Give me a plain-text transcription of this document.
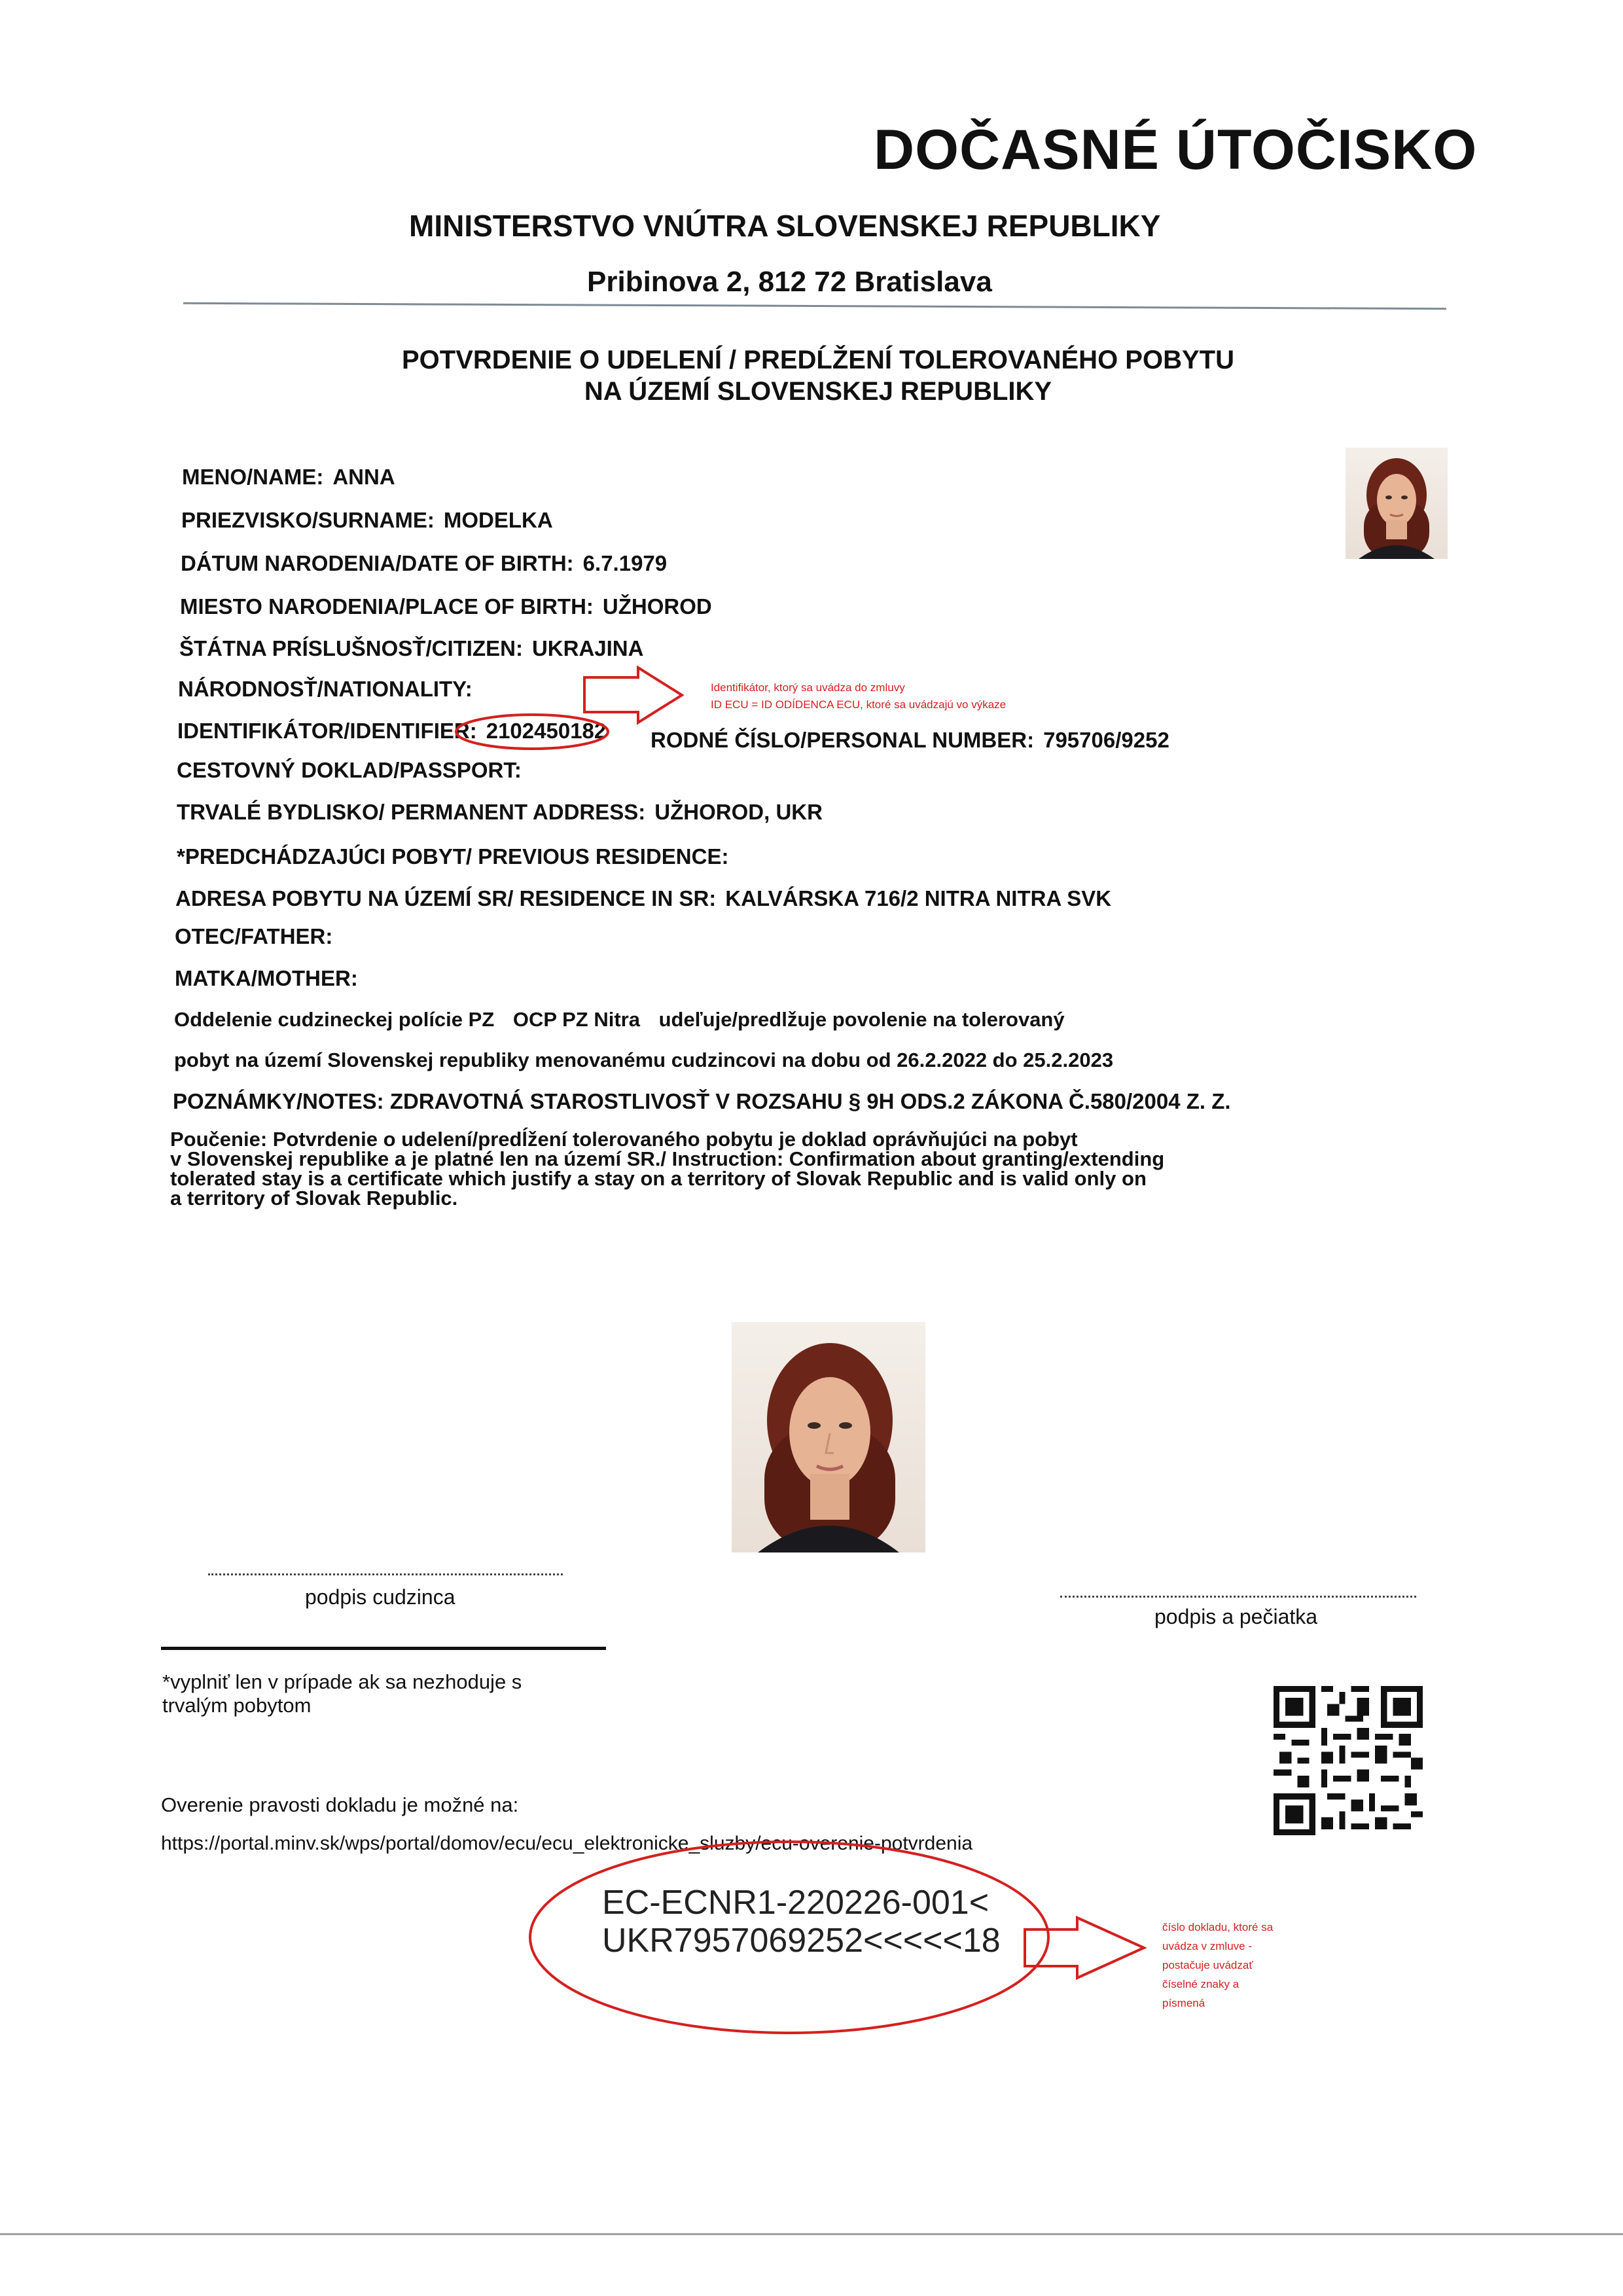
DOČASNÉ ÚTOČISKO
MINISTERSTVO VNÚTRA SLOVENSKEJ REPUBLIKY
Pribinova 2, 812 72 Bratislava
POTVRDENIE O UDELENÍ / PREDĹŽENÍ TOLEROVANÉHO POBYTU
NA ÚZEMÍ SLOVENSKEJ REPUBLIKY
MENO/NAME: ANNA
PRIEZVISKO/SURNAME: MODELKA
DÁTUM NARODENIA/DATE OF BIRTH: 6.7.1979
MIESTO NARODENIA/PLACE OF BIRTH: UŽHOROD
ŠTÁTNA PRÍSLUŠNOSŤ/CITIZEN: UKRAJINA
NÁRODNOSŤ/NATIONALITY:
IDENTIFIKÁTOR/IDENTIFIER: 2102450182 RODNÉ ČÍSLO/PERSONAL NUMBER: 795706/9252
CESTOVNÝ DOKLAD/PASSPORT:
TRVALÉ BYDLISKO/ PERMANENT ADDRESS: UŽHOROD, UKR
*PREDCHÁDZAJÚCI POBYT/ PREVIOUS RESIDENCE:
ADRESA POBYTU NA ÚZEMÍ SR/ RESIDENCE IN SR: KALVÁRSKA 716/2 NITRA NITRA SVK
OTEC/FATHER:
MATKA/MOTHER:
Oddelenie cudzineckej polície PZ OCP PZ Nitra udeľuje/predlžuje povolenie na tolerovaný
pobyt na území Slovenskej republiky menovanému cudzincovi na dobu od 26.2.2022 do 25.2.2023
POZNÁMKY/NOTES: ZDRAVOTNÁ STAROSTLIVOSŤ V ROZSAHU § 9H ODS.2 ZÁKONA Č.580/2004 Z. Z.
Poučenie: Potvrdenie o udelení/predĺžení tolerovaného pobytu je doklad oprávňujúci na pobyt
v Slovenskej republike a je platné len na území SR./ Instruction: Confirmation about granting/extending
tolerated stay is a certificate which justify a stay on a territory of Slovak Republic and is valid only on
a territory of Slovak Republic.
podpis cudzinca
podpis a pečiatka
*vyplniť len v prípade ak sa nezhoduje s
trvalým pobytom
Overenie pravosti dokladu je možné na:
https://portal.minv.sk/wps/portal/domov/ecu/ecu_elektronicke_sluzby/ecu-overenie-potvrdenia
EC-ECNR1-220226-001<
UKR7957069252<<<<<18
Identifikátor, ktorý sa uvádza do zmluvy
ID ECU = ID ODÍDENCA ECU, ktoré sa uvádzajú vo výkaze
číslo dokladu, ktoré sa
uvádza v zmluve -
postačuje uvádzať
číselné znaky a
písmená
